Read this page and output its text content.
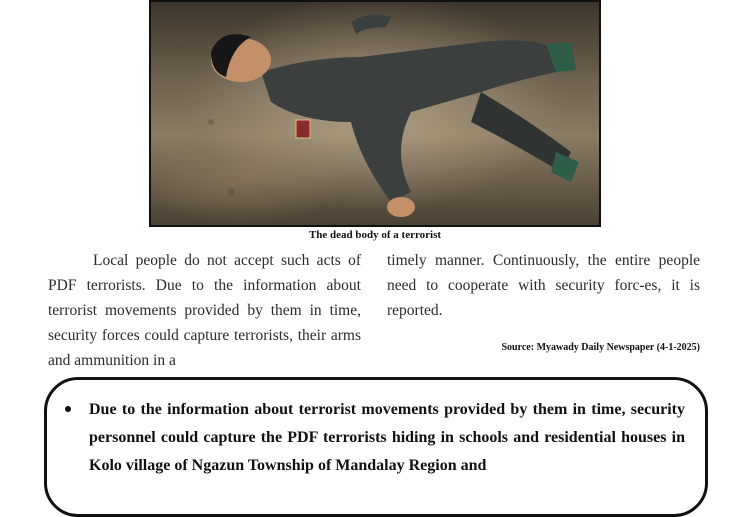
The dead body of a terrorist

Local people do not accept such acts of PDF terrorists. Due to the information about terrorist movements provided by them in time, security forces could capture terrorists, their arms and ammunition in a

timely manner. Continuously, the entire people need to cooperate with security forc-es, it is reported.

Source: Myawady Daily Newspaper (4-1-2025)
Due to the information about terrorist movements provided by them in time, security personnel could capture the PDF terrorists hiding in schools and residential houses in Kolo village of Ngazun Township of Mandalay Region and
